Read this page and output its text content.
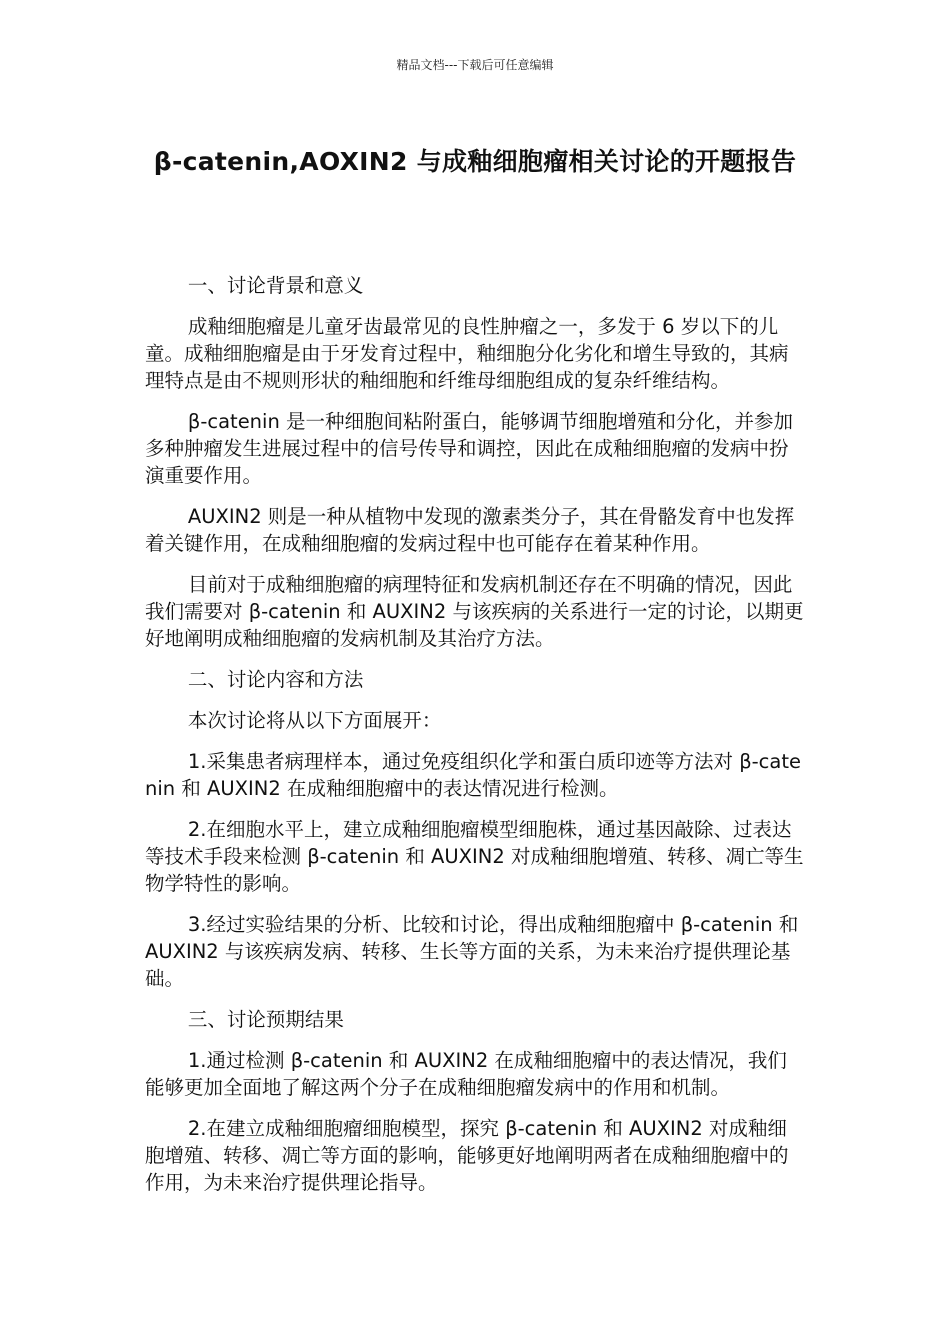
精品文档---下载后可任意编辑
β-catenin,AOXIN2 与成釉细胞瘤相关讨论的开题报告

一、讨论背景和意义

成釉细胞瘤是儿童牙齿最常见的良性肿瘤之一，多发于 6 岁以下的儿童。成釉细胞瘤是由于牙发育过程中，釉细胞分化劣化和增生导致的，其病理特点是由不规则形状的釉细胞和纤维母细胞组成的复杂纤维结构。

β-catenin 是一种细胞间粘附蛋白，能够调节细胞增殖和分化，并参加多种肿瘤发生进展过程中的信号传导和调控，因此在成釉细胞瘤的发病中扮演重要作用。

AUXIN2 则是一种从植物中发现的激素类分子，其在骨骼发育中也发挥着关键作用，在成釉细胞瘤的发病过程中也可能存在着某种作用。

目前对于成釉细胞瘤的病理特征和发病机制还存在不明确的情况，因此我们需要对 β-catenin 和 AUXIN2 与该疾病的关系进行一定的讨论，以期更好地阐明成釉细胞瘤的发病机制及其治疗方法。

二、讨论内容和方法

本次讨论将从以下方面展开：

1.采集患者病理样本，通过免疫组织化学和蛋白质印迹等方法对 β-catenin 和 AUXIN2 在成釉细胞瘤中的表达情况进行检测。

2.在细胞水平上，建立成釉细胞瘤模型细胞株，通过基因敲除、过表达等技术手段来检测 β-catenin 和 AUXIN2 对成釉细胞增殖、转移、凋亡等生物学特性的影响。

3.经过实验结果的分析、比较和讨论，得出成釉细胞瘤中 β-catenin 和 AUXIN2 与该疾病发病、转移、生长等方面的关系，为未来治疗提供理论基础。

三、讨论预期结果

1.通过检测 β-catenin 和 AUXIN2 在成釉细胞瘤中的表达情况，我们能够更加全面地了解这两个分子在成釉细胞瘤发病中的作用和机制。

2.在建立成釉细胞瘤细胞模型，探究 β-catenin 和 AUXIN2 对成釉细胞增殖、转移、凋亡等方面的影响，能够更好地阐明两者在成釉细胞瘤中的作用，为未来治疗提供理论指导。
